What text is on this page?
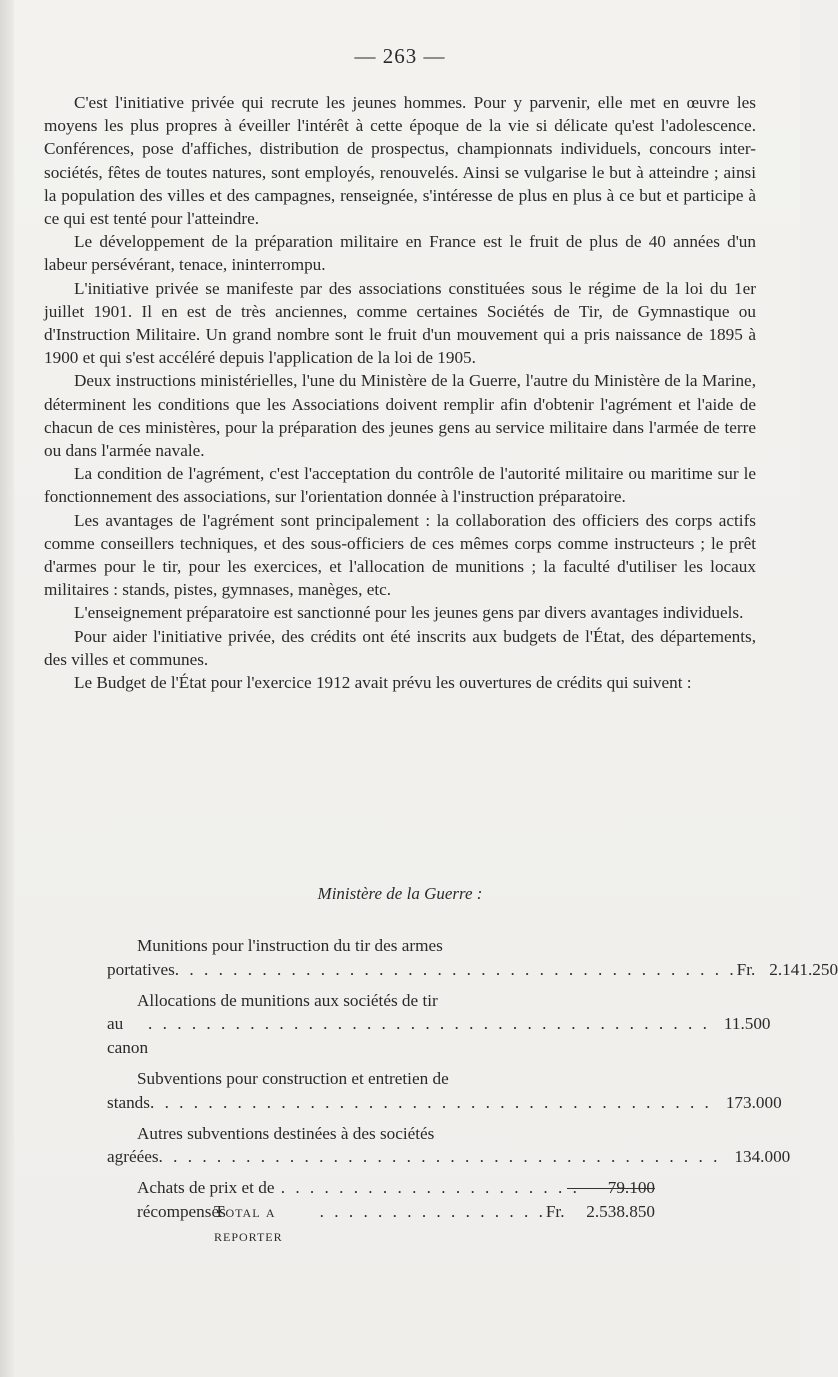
— 263 —

C'est l'initiative privée qui recrute les jeunes hommes. Pour y parvenir, elle met en œuvre les moyens les plus propres à éveiller l'intérêt à cette époque de la vie si délicate qu'est l'adolescence. Conférences, pose d'affiches, distribution de prospectus, championnats individuels, concours inter-sociétés, fêtes de toutes natures, sont employés, renouvelés. Ainsi se vulgarise le but à atteindre ; ainsi la population des villes et des campagnes, renseignée, s'intéresse de plus en plus à ce but et participe à ce qui est tenté pour l'atteindre.

Le développement de la préparation militaire en France est le fruit de plus de 40 années d'un labeur persévérant, tenace, ininterrompu.

L'initiative privée se manifeste par des associations constituées sous le régime de la loi du 1er juillet 1901. Il en est de très anciennes, comme certaines Sociétés de Tir, de Gymnastique ou d'Instruction Militaire. Un grand nombre sont le fruit d'un mouvement qui a pris naissance de 1895 à 1900 et qui s'est accéléré depuis l'application de la loi de 1905.

Deux instructions ministérielles, l'une du Ministère de la Guerre, l'autre du Ministère de la Marine, déterminent les conditions que les Associations doivent remplir afin d'obtenir l'agrément et l'aide de chacun de ces ministères, pour la préparation des jeunes gens au service militaire dans l'armée de terre ou dans l'armée navale.

La condition de l'agrément, c'est l'acceptation du contrôle de l'autorité militaire ou maritime sur le fonctionnement des associations, sur l'orientation donnée à l'instruction préparatoire.

Les avantages de l'agrément sont principalement : la collaboration des officiers des corps actifs comme conseillers techniques, et des sous-officiers de ces mêmes corps comme instructeurs ; le prêt d'armes pour le tir, pour les exercices, et l'allocation de munitions ; la faculté d'utiliser les locaux militaires : stands, pistes, gymnases, manèges, etc.

L'enseignement préparatoire est sanctionné pour les jeunes gens par divers avantages individuels.

Pour aider l'initiative privée, des crédits ont été inscrits aux budgets de l'État, des départements, des villes et communes.

Le Budget de l'État pour l'exercice 1912 avait prévu les ouvertures de crédits qui suivent :

Ministère de la Guerre :
Munitions pour l'instruction du tir des armes
portatives . . . . . . . . . . . . . . . . . . . . . . . . . . . . . . . . . . . . . . . Fr. 2.141.250
Allocations de munitions aux sociétés de tir
au canon
. . . . . . . . . . . . . . . . . . . . . . . . . . . . . . . . . . . . . . . 11.500
Subventions pour construction et entretien de
stands . . . . . . . . . . . . . . . . . . . . . . . . . . . . . . . . . . . . . . . 173.000
Autres subventions destinées à des sociétés
agréées . . . . . . . . . . . . . . . . . . . . . . . . . . . . . . . . . . . . . . . 134.000
Achats de prix et de récompenses
. . . . . . . . . . . . . . . . . . . . .	79.100
Total a reporter
. . . . . . . . . . . . . . . . Fr.	2.538.850
